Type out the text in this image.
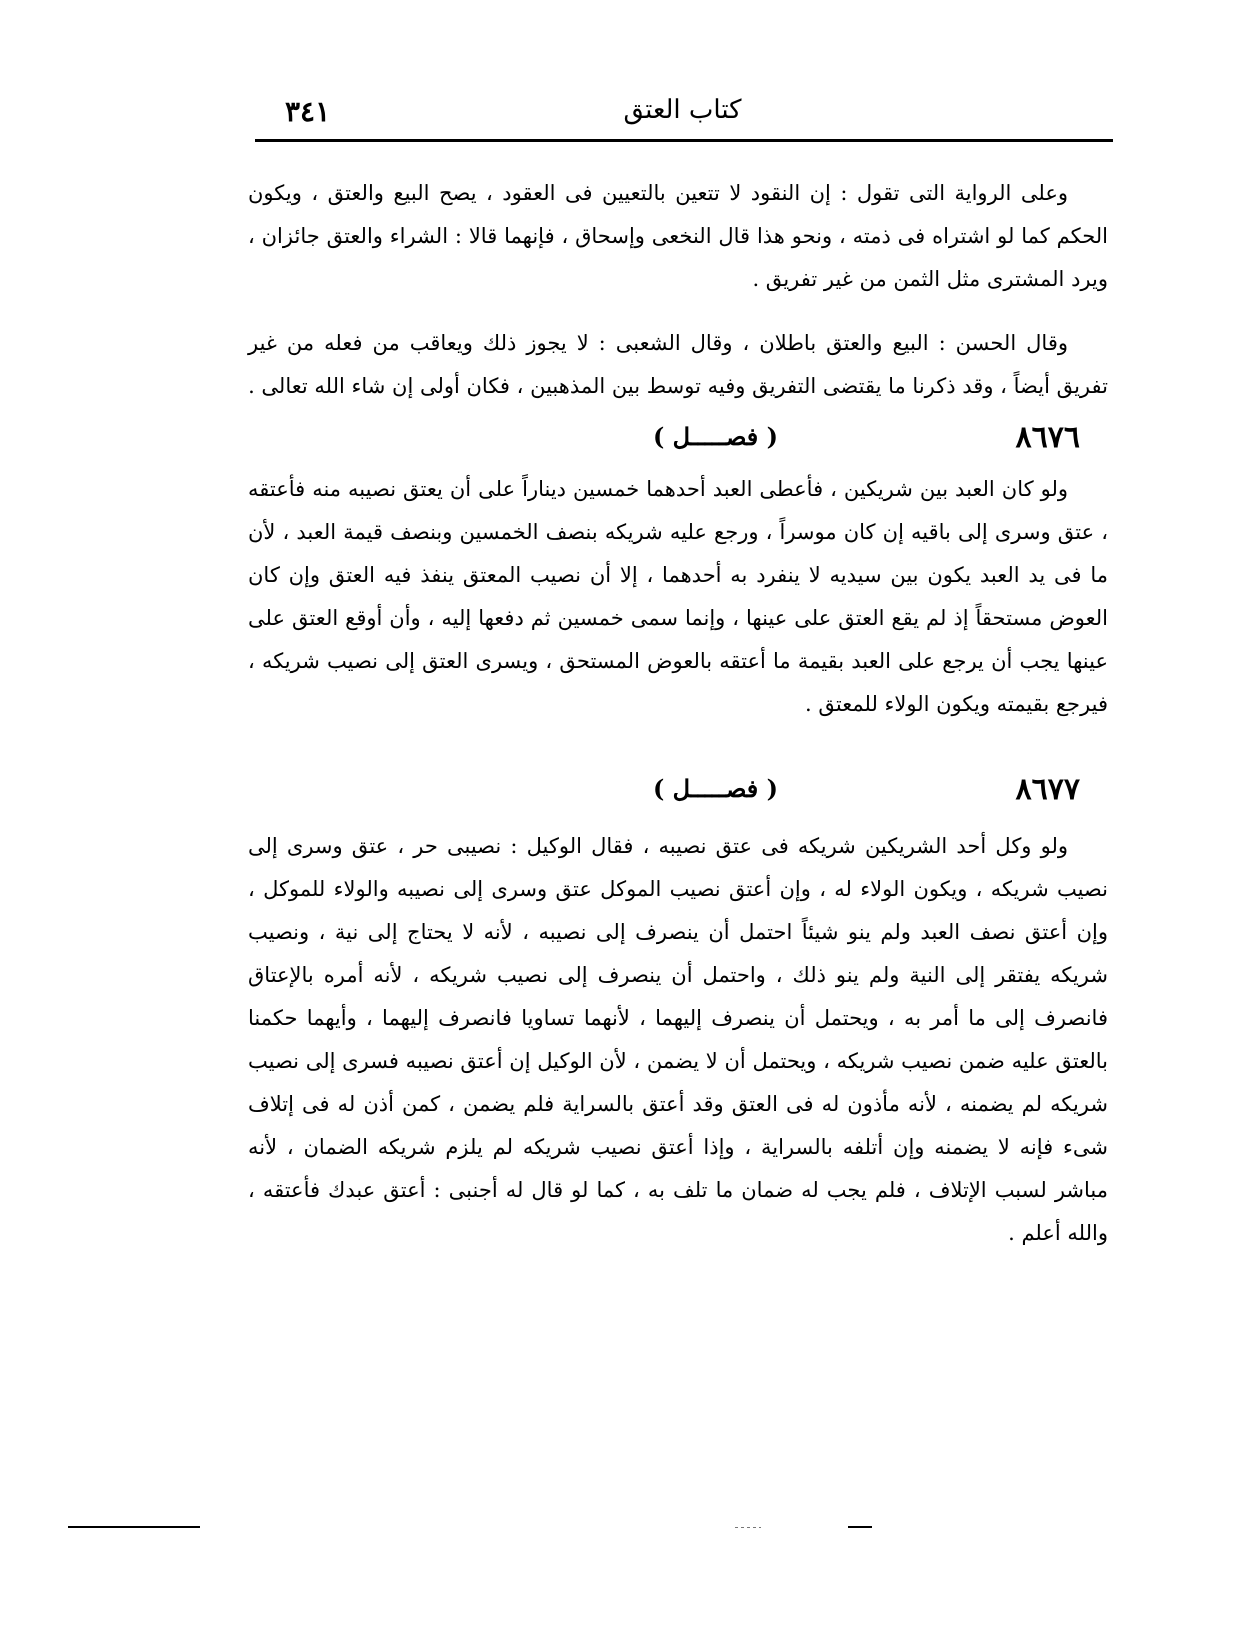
٣٤١	كتاب العتق

وعلى الرواية التى تقول : إن النقود لا تتعين بالتعيين فى العقود ، يصح البيع والعتق ، ويكون الحكم كما لو اشتراه فى ذمته ، ونحو هذا قال النخعى وإسحاق ، فإنهما قالا : الشراء والعتق جائزان ، ويرد المشترى مثل الثمن من غير تفريق .

وقال الحسن : البيع والعتق باطلان ، وقال الشعبى : لا يجوز ذلك ويعاقب من فعله من غير تفريق أيضاً ، وقد ذكرنا ما يقتضى التفريق وفيه توسط بين المذهبين ، فكان أولى إن شاء الله تعالى .

٨٦٧٦
( فصـــــل )

ولو كان العبد بين شريكين ، فأعطى العبد أحدهما خمسين ديناراً على أن يعتق نصيبه منه فأعتقه ، عتق وسرى إلى باقيه إن كان موسراً ، ورجع عليه شريكه بنصف الخمسين وبنصف قيمة العبد ، لأن ما فى يد العبد يكون بين سيديه لا ينفرد به أحدهما ، إلا أن نصيب المعتق ينفذ فيه العتق وإن كان العوض مستحقاً إذ لم يقع العتق على عينها ، وإنما سمى خمسين ثم دفعها إليه ، وأن أوقع العتق على عينها يجب أن يرجع على العبد بقيمة ما أعتقه بالعوض المستحق ، ويسرى العتق إلى نصيب شريكه ، فيرجع بقيمته ويكون الولاء للمعتق .

٨٦٧٧
( فصـــــل )

ولو وكل أحد الشريكين شريكه فى عتق نصيبه ، فقال الوكيل : نصيبى حر ، عتق وسرى إلى نصيب شريكه ، ويكون الولاء له ، وإن أعتق نصيب الموكل عتق وسرى إلى نصيبه والولاء للموكل ، وإن أعتق نصف العبد ولم ينو شيئاً احتمل أن ينصرف إلى نصيبه ، لأنه لا يحتاج إلى نية ، ونصيب شريكه يفتقر إلى النية ولم ينو ذلك ، واحتمل أن ينصرف إلى نصيب شريكه ، لأنه أمره بالإعتاق فانصرف إلى ما أمر به ، ويحتمل أن ينصرف إليهما ، لأنهما تساويا فانصرف إليهما ، وأيهما حكمنا بالعتق عليه ضمن نصيب شريكه ، ويحتمل أن لا يضمن ، لأن الوكيل إن أعتق نصيبه فسرى إلى نصيب شريكه لم يضمنه ، لأنه مأذون له فى العتق وقد أعتق بالسراية فلم يضمن ، كمن أذن له فى إتلاف شىء فإنه لا يضمنه وإن أتلفه بالسراية ، وإذا أعتق نصيب شريكه لم يلزم شريكه الضمان ، لأنه مباشر لسبب الإتلاف ، فلم يجب له ضمان ما تلف به ، كما لو قال له أجنبى : أعتق عبدك فأعتقه ، والله أعلم .
